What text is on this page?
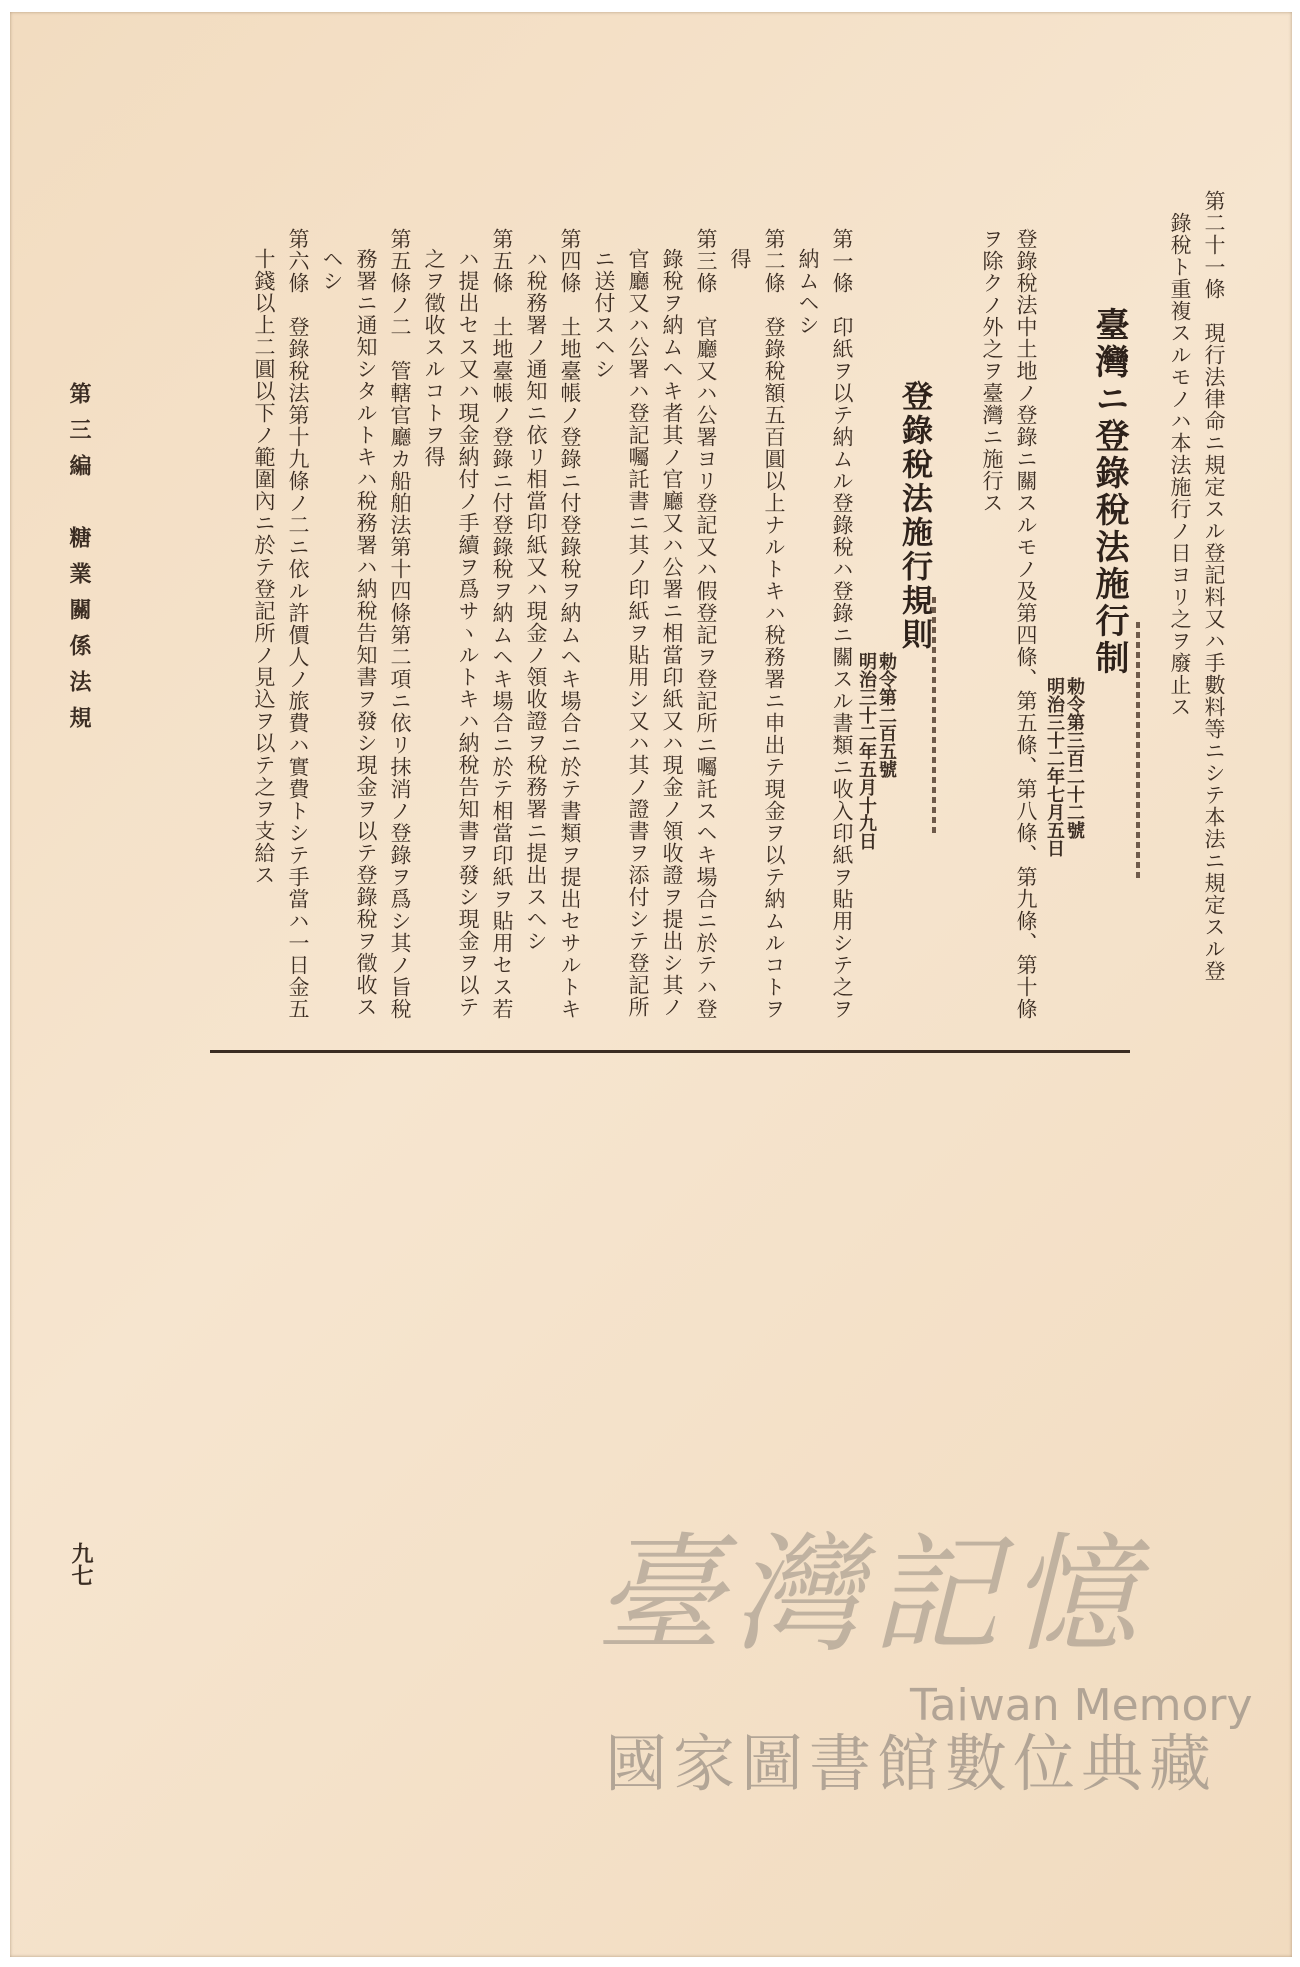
第二十一條　現行法律命ニ規定スル登記料又ハ手數料等ニシテ本法ニ規定スル登
錄稅ト重複スルモノハ本法施行ノ日ヨリ之ヲ廢止ス
臺灣ニ登錄稅法施行制
明治三十二年七月五日 勅令第三百二十二號
登錄稅法中土地ノ登錄ニ關スルモノ及第四條、第五條、第八條、第九條、第十條
ヲ除クノ外之ヲ臺灣ニ施行ス
登錄稅法施行規則
明治三十二年五月十九日 勅令第二百五號
第一條　印紙ヲ以テ納ムル登錄稅ハ登錄ニ關スル書類ニ收入印紙ヲ貼用シテ之ヲ
納ムヘシ
第二條　登錄稅額五百圓以上ナルトキハ稅務署ニ申出テ現金ヲ以テ納ムルコトヲ
得
第三條　官廳又ハ公署ヨリ登記又ハ假登記ヲ登記所ニ囑託スヘキ場合ニ於テハ登
錄稅ヲ納ムヘキ者其ノ官廳又ハ公署ニ相當印紙又ハ現金ノ領收證ヲ提出シ其ノ
官廳又ハ公署ハ登記囑託書ニ其ノ印紙ヲ貼用シ又ハ其ノ證書ヲ添付シテ登記所
ニ送付スヘシ
第四條　土地臺帳ノ登錄ニ付登錄稅ヲ納ムヘキ場合ニ於テ書類ヲ提出セサルトキ
ハ稅務署ノ通知ニ依リ相當印紙又ハ現金ノ領收證ヲ稅務署ニ提出スヘシ
第五條　土地臺帳ノ登錄ニ付登錄稅ヲ納ムヘキ場合ニ於テ相當印紙ヲ貼用セス若
ハ提出セス又ハ現金納付ノ手續ヲ爲サヽルトキハ納稅告知書ヲ發シ現金ヲ以テ
之ヲ徵收スルコトヲ得
第五條ノ二　管轄官廳カ船舶法第十四條第二項ニ依リ抹消ノ登錄ヲ爲シ其ノ旨稅
務署ニ通知シタルトキハ稅務署ハ納稅告知書ヲ發シ現金ヲ以テ登錄稅ヲ徵收ス
ヘシ
第六條　登錄稅法第十九條ノ二ニ依ル許價人ノ旅費ハ實費トシテ手當ハ一日金五
十錢以上二圓以下ノ範圍內ニ於テ登記所ノ見込ヲ以テ之ヲ支給ス
第三編　糖業關係法規
九七	臺灣記憶
Taiwan Memory
國家圖書館數位典藏
